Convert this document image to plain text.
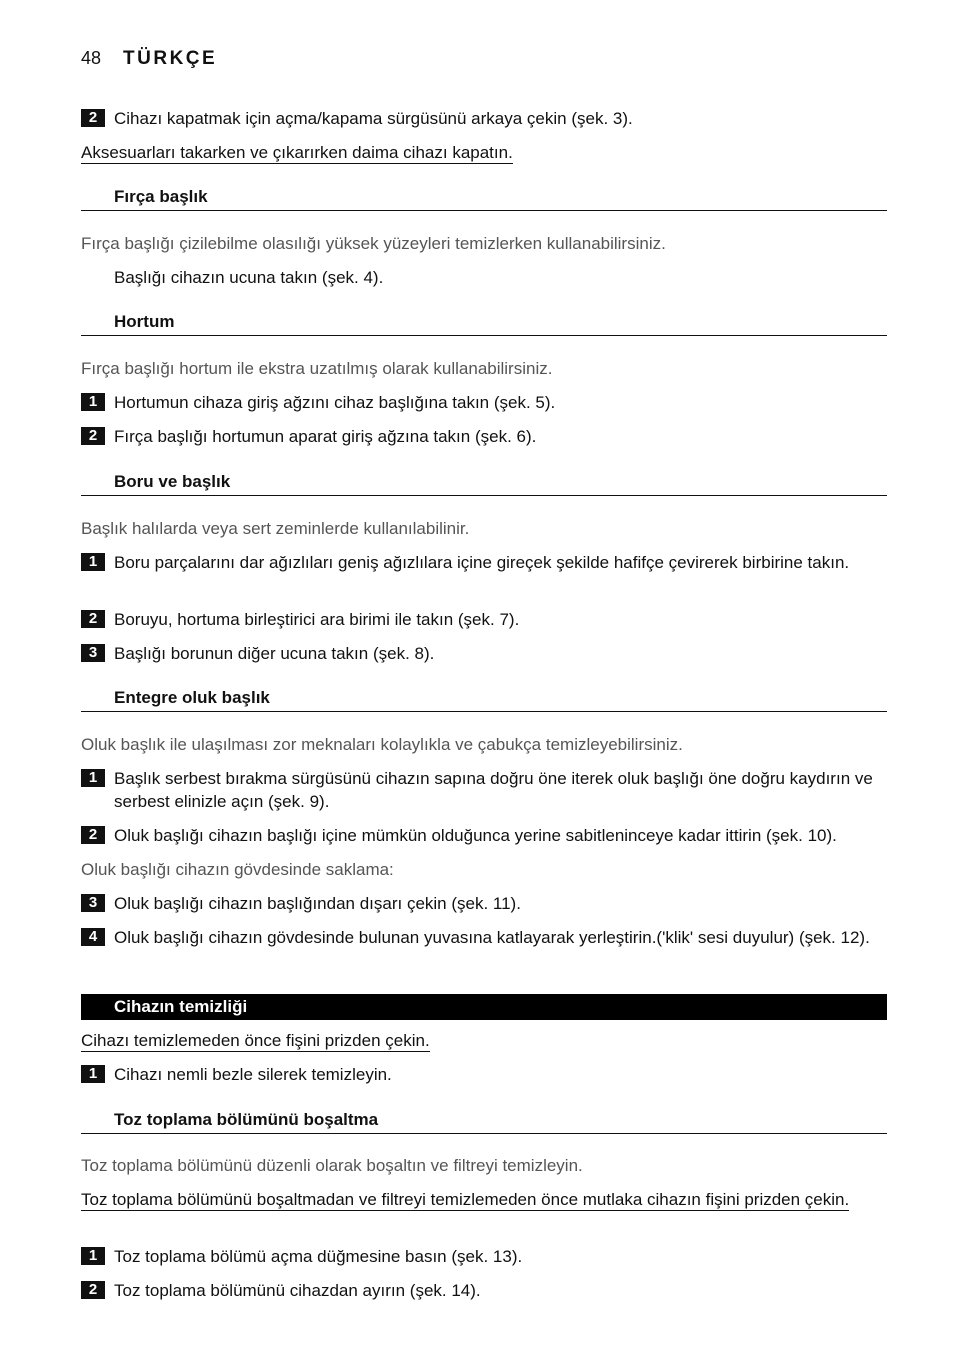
48 TÜRKÇE
2 Cihazı kapatmak için açma/kapama sürgüsünü arkaya çekin (şek. 3).
Aksesuarları takarken ve çıkarırken daima cihazı kapatın.
Fırça başlık
Fırça başlığı çizilebilme olasılığı yüksek yüzeyleri temizlerken kullanabilirsiniz.
Başlığı cihazın ucuna takın (şek. 4).
Hortum
Fırça başlığı hortum ile ekstra uzatılmış olarak kullanabilirsiniz.
1 Hortumun cihaza giriş ağzını cihaz başlığına takın (şek. 5).
2 Fırça başlığı hortumun aparat giriş ağzına takın (şek. 6).
Boru ve başlık
Başlık halılarda veya sert zeminlerde kullanılabilinir.
1 Boru parçalarını dar ağızlıları geniş ağızlılara içine gireçek şekilde hafifçe çevirerek birbirine takın.
2 Boruyu, hortuma birleştirici ara birimi ile takın (şek. 7).
3 Başlığı borunun diğer ucuna takın (şek. 8).
Entegre oluk başlık
Oluk başlık ile ulaşılması zor meknaları kolaylıkla ve çabukça temizleyebilirsiniz.
1 Başlık serbest bırakma sürgüsünü cihazın sapına doğru öne iterek oluk başlığı öne doğru kaydırın ve serbest elinizle açın (şek. 9).
2 Oluk başlığı cihazın başlığı içine mümkün olduğunca yerine sabitleninceye kadar ittirin (şek. 10).
Oluk başlığı cihazın gövdesinde saklama:
3 Oluk başlığı cihazın başlığından dışarı çekin (şek. 11).
4 Oluk başlığı cihazın gövdesinde bulunan yuvasına katlayarak yerleştirin.('klik' sesi duyulur) (şek. 12).
Cihazın temizliği
Cihazı temizlemeden önce fişini prizden çekin.
1 Cihazı nemli bezle silerek temizleyin.
Toz toplama bölümünü boşaltma
Toz toplama bölümünü düzenli olarak boşaltın ve filtreyi temizleyin.
Toz toplama bölümünü boşaltmadan ve filtreyi temizlemeden önce mutlaka cihazın fişini prizden çekin.
1 Toz toplama bölümü açma düğmesine basın (şek. 13).
2 Toz toplama bölümünü cihazdan ayırın (şek. 14).
